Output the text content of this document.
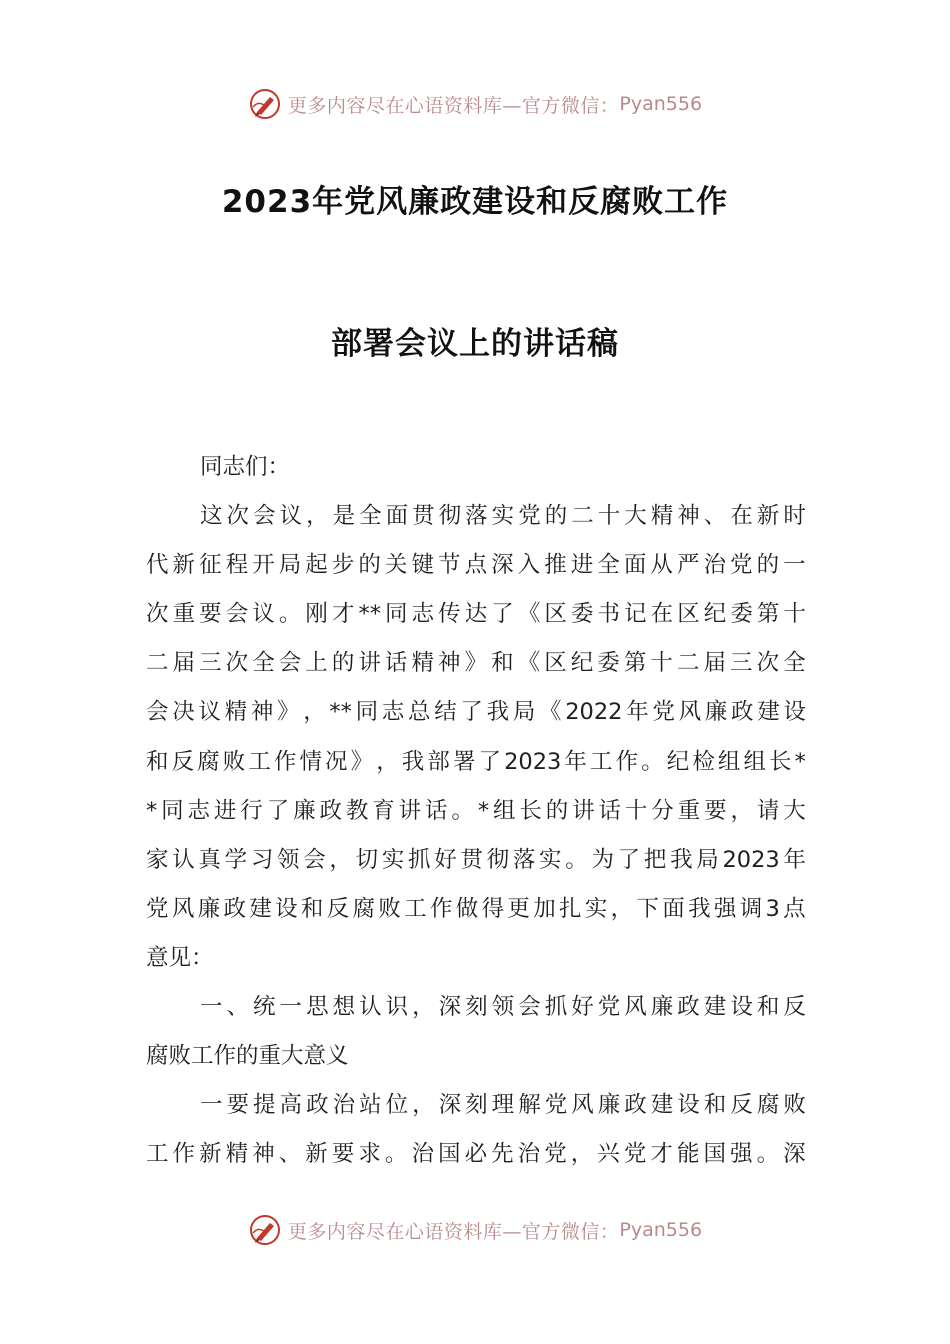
更多内容尽在心语资料库—官方微信： Pyan556
2023年党风廉政建设和反腐败工作
部署会议上的讲话稿
同志们：
这 次 会 议 ， 是 全 面 贯 彻 落 实 党 的 二 十 大 精 神 、 在 新 时
代 新 征 程 开 局 起 步 的 关 键 节 点 深 入 推 进 全 面 从 严 治 党 的 一
次 重 要 会 议 。 刚 才 ** 同 志 传 达 了 《 区 委 书 记 在 区 纪 委 第 十
二 届 三 次 全 会 上 的 讲 话 精 神 》 和 《 区 纪 委 第 十 二 届 三 次 全
会 决 议 精 神 》 ， ** 同 志 总 结 了 我 局 《 2022 年 党 风 廉 政 建 设
和 反 腐 败 工 作 情 况 》 ， 我 部 署 了 2023 年 工 作 。 纪 检 组 组 长 *
* 同 志 进 行 了 廉 政 教 育 讲 话 。 * 组 长 的 讲 话 十 分 重 要 ， 请 大
家 认 真 学 习 领 会 ， 切 实 抓 好 贯 彻 落 实 。 为 了 把 我 局 2023 年
党 风 廉 政 建 设 和 反 腐 败 工 作 做 得 更 加 扎 实 ， 下 面 我 强 调 3 点
意见：
一 、 统 一 思 想 认 识 ， 深 刻 领 会 抓 好 党 风 廉 政 建 设 和 反
腐败工作的重大意义
一 要 提 高 政 治 站 位 ， 深 刻 理 解 党 风 廉 政 建 设 和 反 腐 败
工 作 新 精 神 、 新 要 求 。 治 国 必 先 治 党 ， 兴 党 才 能 国 强 。 深
更多内容尽在心语资料库—官方微信： Pyan556
